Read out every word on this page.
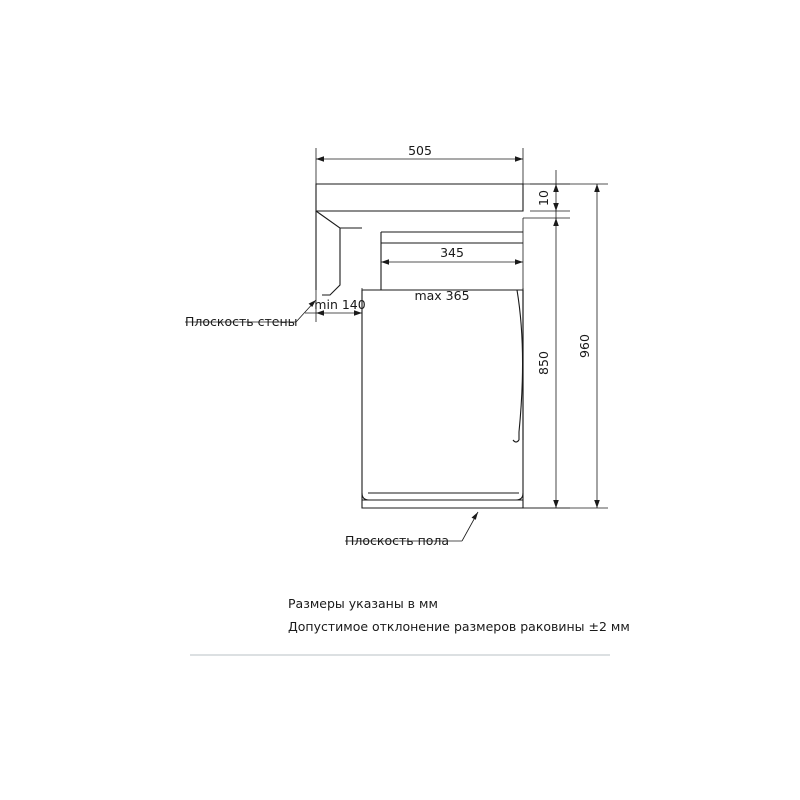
505
10
345
max 365
min 140
850
960
Плоскость стены
Плоскость пола
Размеры указаны в мм
Допустимое отклонение размеров раковины ±2 мм
